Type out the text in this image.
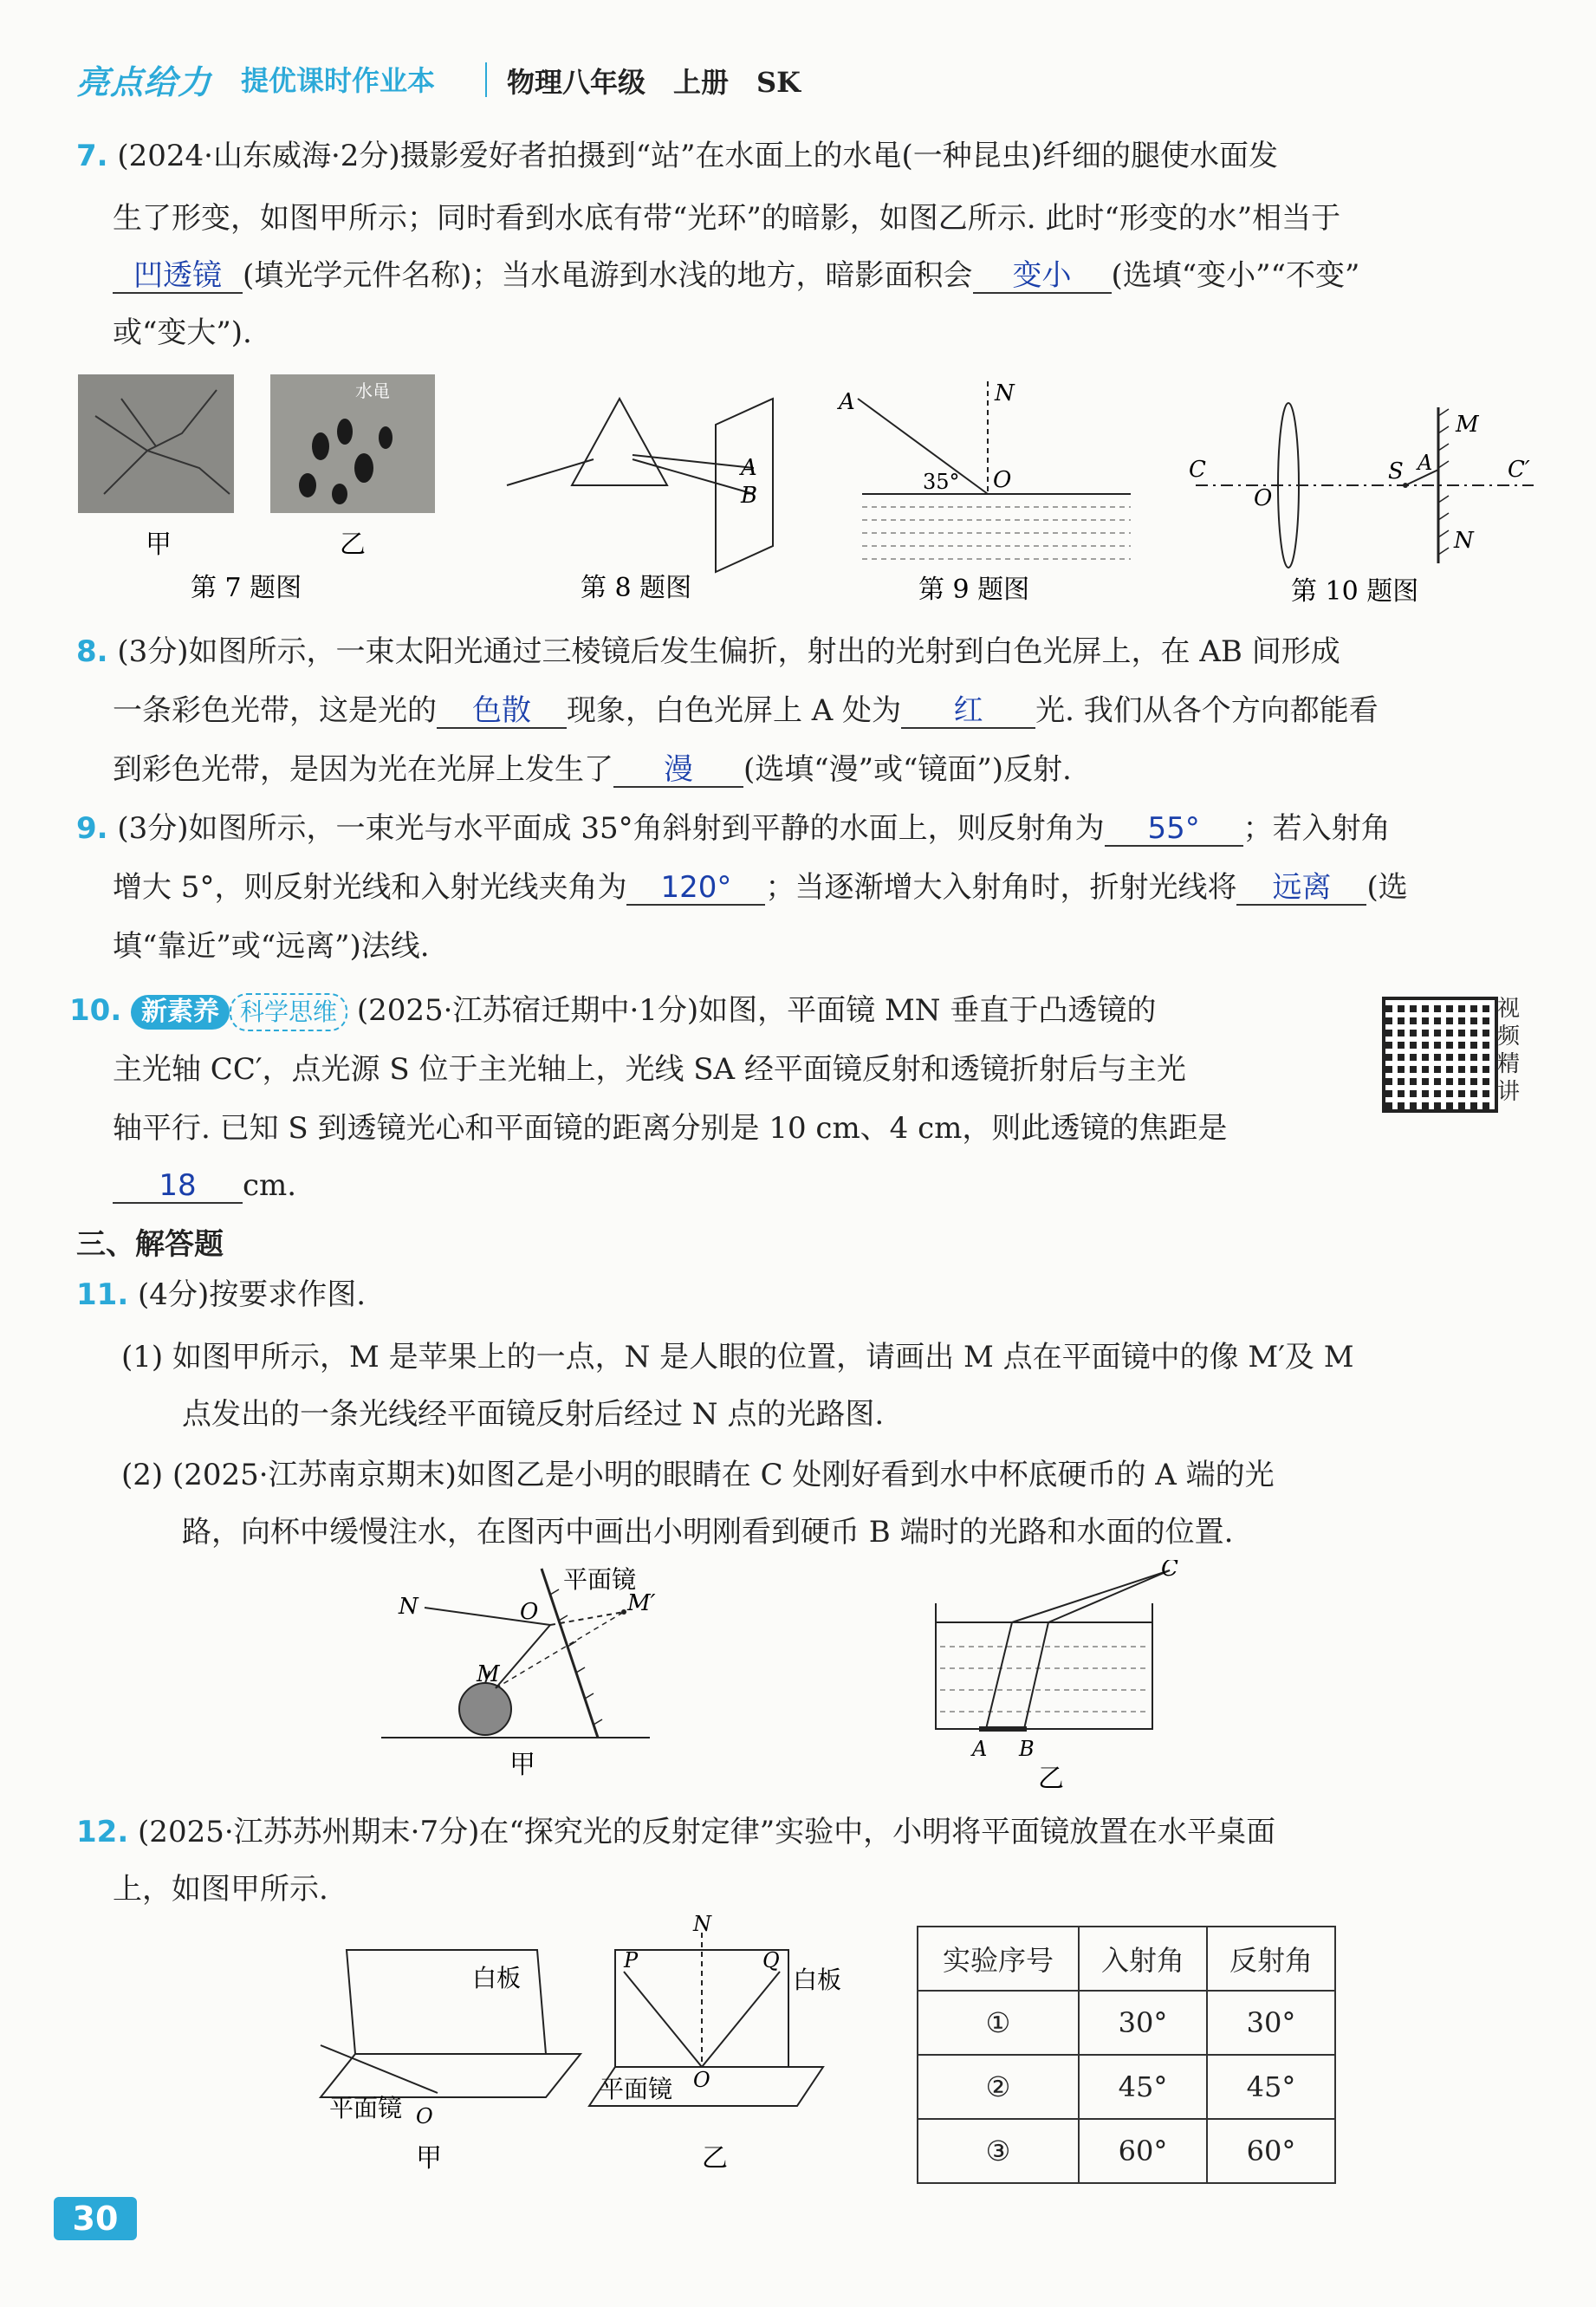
亮点给力 提优课时作业本	物理八年级　上册　SK
7. (2024·山东威海·2分)摄影爱好者拍摄到“站”在水面上的水黾(一种昆虫)纤细的腿使水面发
生了形变，如图甲所示；同时看到水底有带“光环”的暗影，如图乙所示. 此时“形变的水”相当于
凹透镜 (填光学元件名称)；当水黾游到水浅的地方，暗影面积会 变小 (选填“变小”“不变”
或“变大”).
水黾
甲	乙
A
B
A	N
O
35°	C	C′
O
S A
M
N
第 7 题图	第 8 题图	第 9 题图	第 10 题图
8. (3分)如图所示，一束太阳光通过三棱镜后发生偏折，射出的光射到白色光屏上，在 AB 间形成
一条彩色光带，这是光的 色散 现象，白色光屏上 A 处为 红 光. 我们从各个方向都能看
到彩色光带，是因为光在光屏上发生了 漫 (选填“漫”或“镜面”)反射.
9. (3分)如图所示，一束光与水平面成 35°角斜射到平静的水面上，则反射角为 55° ；若入射角
增大 5°，则反射光线和入射光线夹角为 120° ；当逐渐增大入射角时，折射光线将 远离 (选
填“靠近”或“远离”)法线.
10. 新素养 科学思维 (2025·江苏宿迁期中·1分)如图，平面镜 MN 垂直于凸透镜的
主光轴 CC′，点光源 S 位于主光轴上，光线 SA 经平面镜反射和透镜折射后与主光
轴平行. 已知 S 到透镜光心和平面镜的距离分别是 10 cm、4 cm，则此透镜的焦距是
18 cm.
视频精讲
三、解答题
11. (4分)按要求作图.
(1) 如图甲所示，M 是苹果上的一点，N 是人眼的位置，请画出 M 点在平面镜中的像 M′及 M
点发出的一条光线经平面镜反射后经过 N 点的光路图.
(2) (2025·江苏南京期末)如图乙是小明的眼睛在 C 处刚好看到水中杯底硬币的 A 端的光
路，向杯中缓慢注水，在图丙中画出小明刚看到硬币 B 端时的光路和水面的位置.
平面镜
N	O
M
M′
甲
C
A B
乙
12. (2025·江苏苏州期末·7分)在“探究光的反射定律”实验中，小明将平面镜放置在水平桌面
上，如图甲所示.
白板
平面镜 O
甲
N
P	Q
白板
O
平面镜
乙
实验序号	入射角	反射角
①	30°	30°
②	45°	45°
③	60°	60°
30
